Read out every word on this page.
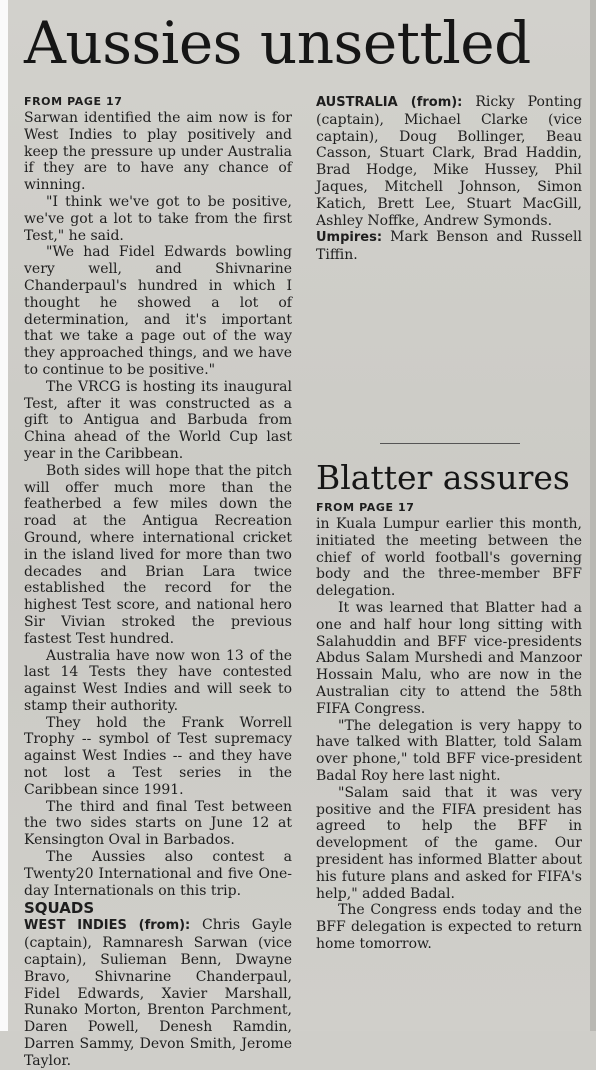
Aussies unsettled
FROM PAGE 17

Sarwan identified the aim now is for West Indies to play positively and keep the pressure up under Australia if they are to have any chance of winning.

"I think we've got to be positive, we've got a lot to take from the first Test," he said.

"We had Fidel Edwards bowling very well, and Shivnarine Chanderpaul's hundred in which I thought he showed a lot of determination, and it's important that we take a page out of the way they approached things, and we have to continue to be positive."

The VRCG is hosting its inaugural Test, after it was constructed as a gift to Antigua and Barbuda from China ahead of the World Cup last year in the Caribbean.

Both sides will hope that the pitch will offer much more than the featherbed a few miles down the road at the Antigua Recreation Ground, where international cricket in the island lived for more than two decades and Brian Lara twice established the record for the highest Test score, and national hero Sir Vivian stroked the previous fastest Test hundred.

Australia have now won 13 of the last 14 Tests they have contested against West Indies and will seek to stamp their authority.

They hold the Frank Worrell Trophy -- symbol of Test supremacy against West Indies -- and they have not lost a Test series in the Caribbean since 1991.

The third and final Test between the two sides starts on June 12 at Kensington Oval in Barbados.

The Aussies also contest a Twenty20 International and five One-day Internationals on this trip.

SQUADS

WEST INDIES (from): Chris Gayle (captain), Ramnaresh Sarwan (vice captain), Sulieman Benn, Dwayne Bravo, Shivnarine Chanderpaul, Fidel Edwards, Xavier Marshall, Runako Morton, Brenton Parchment, Daren Powell, Denesh Ramdin, Darren Sammy, Devon Smith, Jerome Taylor.

AUSTRALIA (from): Ricky Ponting (captain), Michael Clarke (vice captain), Doug Bollinger, Beau Casson, Stuart Clark, Brad Haddin, Brad Hodge, Mike Hussey, Phil Jaques, Mitchell Johnson, Simon Katich, Brett Lee, Stuart MacGill, Ashley Noffke, Andrew Symonds.

Umpires: Mark Benson and Russell Tiffin.

Blatter assures
FROM PAGE 17

in Kuala Lumpur earlier this month, initiated the meeting between the chief of world football's governing body and the three-member BFF delegation.

It was learned that Blatter had a one and half hour long sitting with Salahuddin and BFF vice-presidents Abdus Salam Murshedi and Manzoor Hossain Malu, who are now in the Australian city to attend the 58th FIFA Congress.

"The delegation is very happy to have talked with Blatter, told Salam over phone," told BFF vice-president Badal Roy here last night.

"Salam said that it was very positive and the FIFA president has agreed to help the BFF in development of the game. Our president has informed Blatter about his future plans and asked for FIFA's help," added Badal.

The Congress ends today and the BFF delegation is expected to return home tomorrow.
